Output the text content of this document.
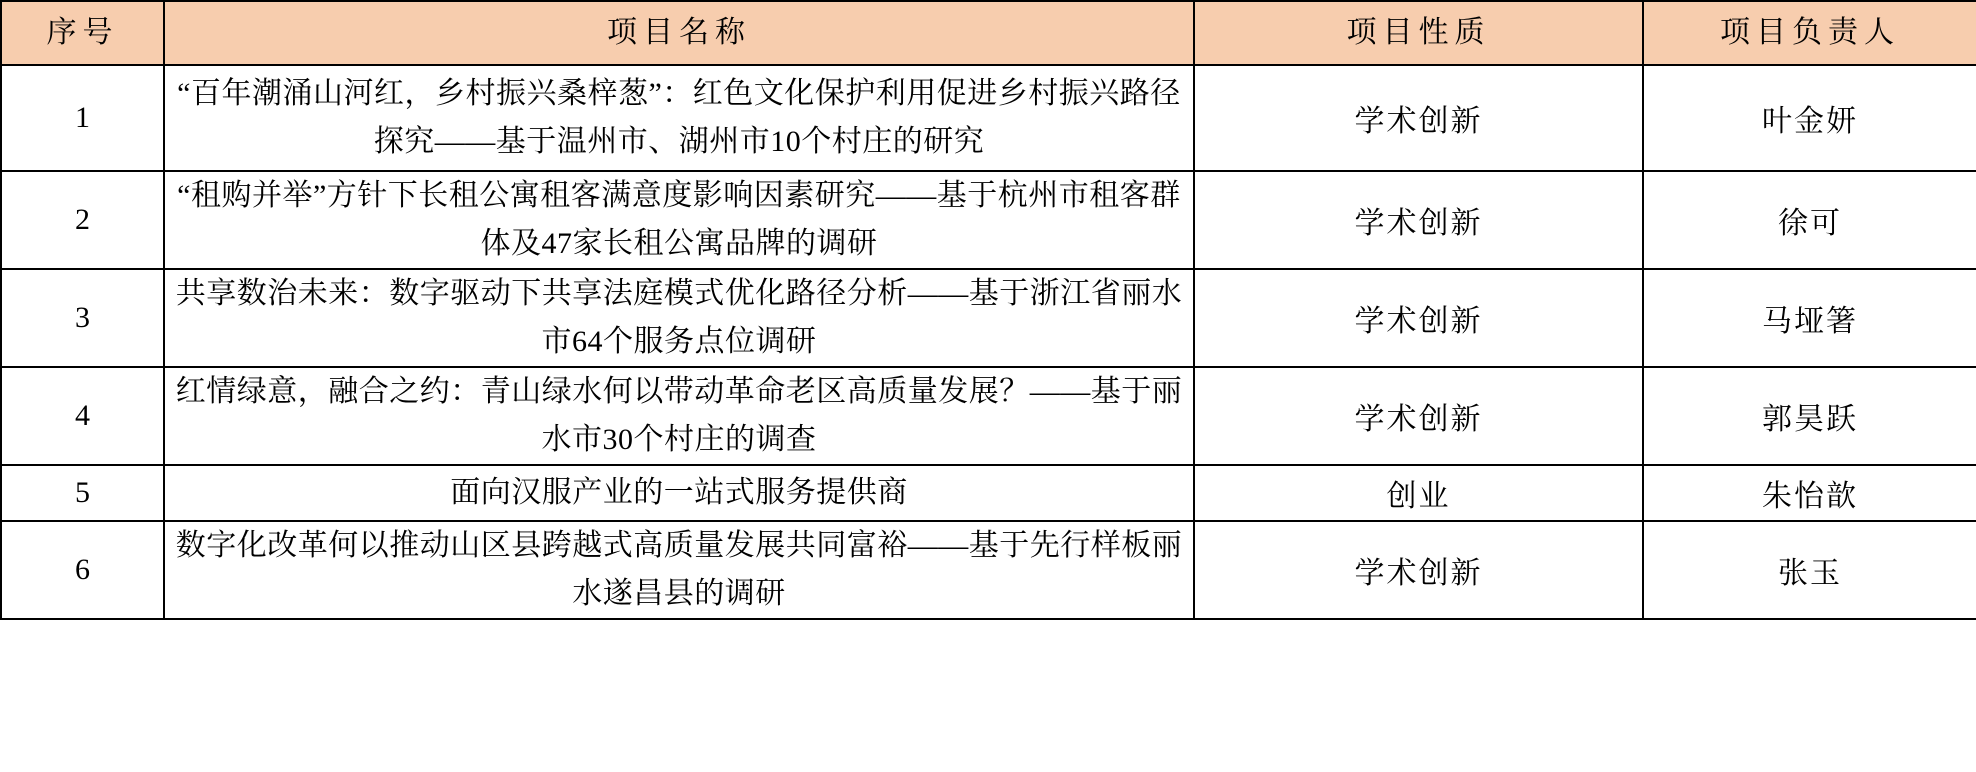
序号	项目名称	项目性质	项目负责人

1	“百年潮涌山河红，乡村振兴桑梓葱”：红色文化保护利用促进乡村振兴路径探究——基于温州市、湖州市10个村庄的研究	学术创新	叶金妍
2	“租购并举”方针下长租公寓租客满意度影响因素研究——基于杭州市租客群体及47家长租公寓品牌的调研	学术创新	徐可
3	共享数治未来：数字驱动下共享法庭模式优化路径分析——基于浙江省丽水市64个服务点位调研	学术创新	马垭箸
4	红情绿意，融合之约：青山绿水何以带动革命老区高质量发展？——基于丽水市30个村庄的调查	学术创新	郭昊跃
5	面向汉服产业的一站式服务提供商	创业	朱怡歆
6	数字化改革何以推动山区县跨越式高质量发展共同富裕——基于先行样板丽水遂昌县的调研	学术创新	张玉
